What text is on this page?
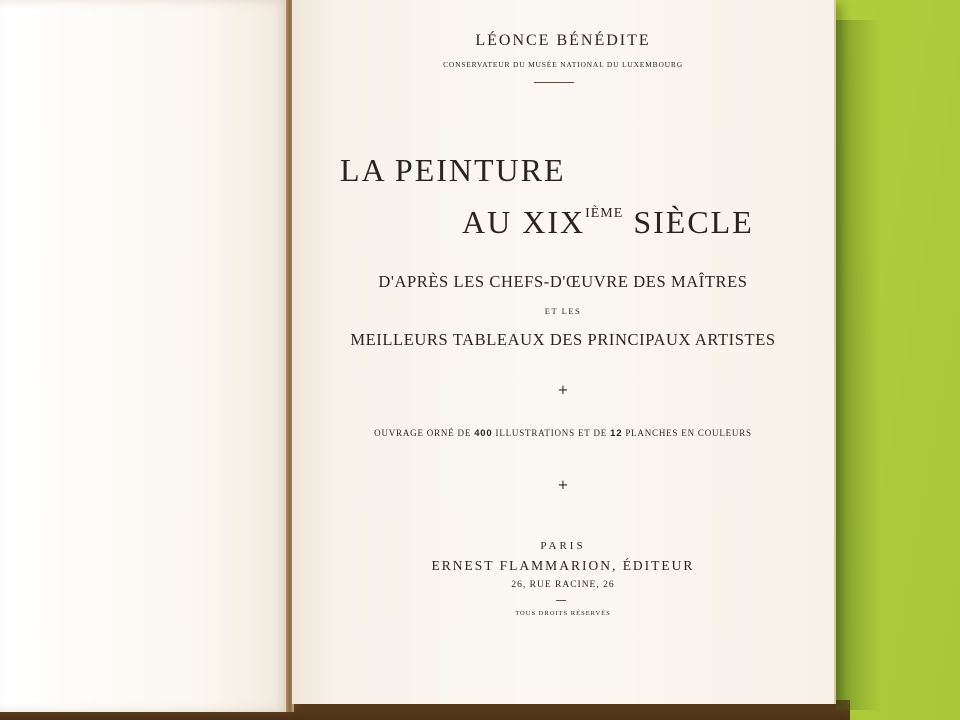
LÉONCE BÉNÉDITE
CONSERVATEUR DU MUSÉE NATIONAL DU LUXEMBOURG
LA PEINTURE
AU XIXIÈME SIÈCLE
D'APRÈS LES CHEFS-D'ŒUVRE DES MAÎTRES
ET LES
MEILLEURS TABLEAUX DES PRINCIPAUX ARTISTES
+
OUVRAGE ORNÉ DE 400 ILLUSTRATIONS ET DE 12 PLANCHES EN COULEURS
+
PARIS
ERNEST FLAMMARION, ÉDITEUR
26, RUE RACINE, 26
TOUS DROITS RÉSERVÉS
